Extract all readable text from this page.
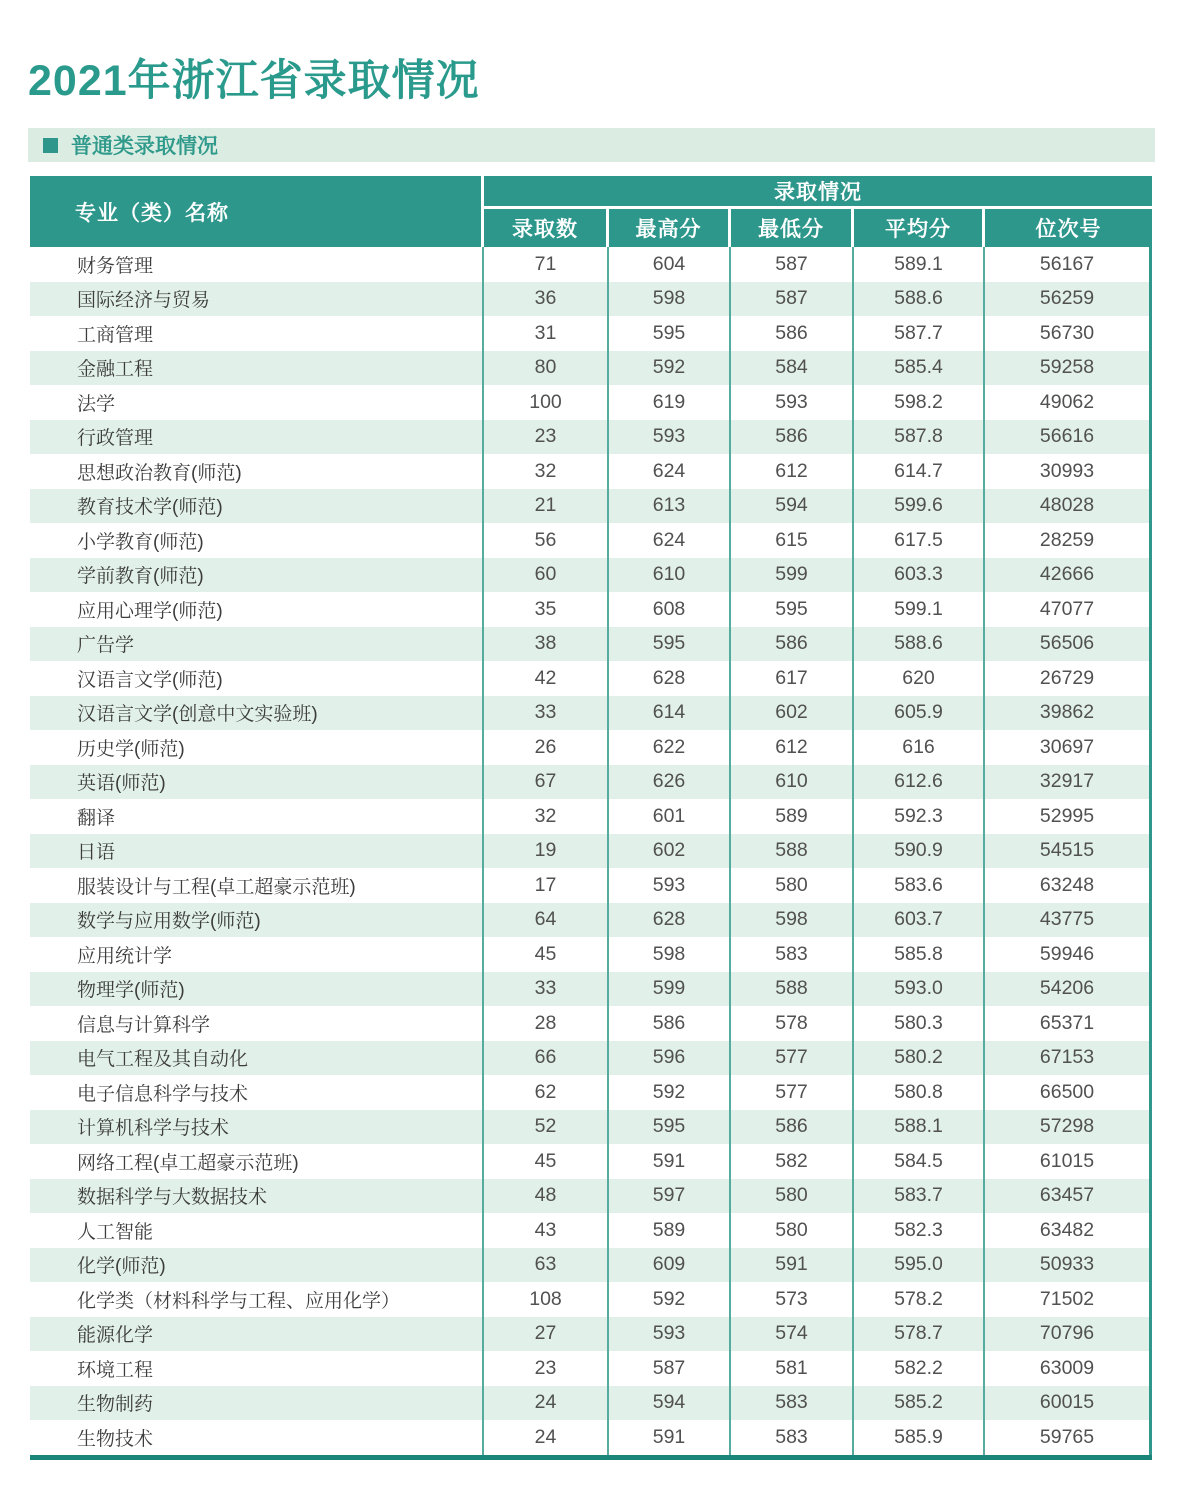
2021年浙江省录取情况
普通类录取情况
专业（类）名称	录取情况				
	录取数	最高分	最低分	平均分	位次号
财务管理	71	604	587	589.1	56167
国际经济与贸易	36	598	587	588.6	56259
工商管理	31	595	586	587.7	56730
金融工程	80	592	584	585.4	59258
法学	100	619	593	598.2	49062
行政管理	23	593	586	587.8	56616
思想政治教育(师范)	32	624	612	614.7	30993
教育技术学(师范)	21	613	594	599.6	48028
小学教育(师范)	56	624	615	617.5	28259
学前教育(师范)	60	610	599	603.3	42666
应用心理学(师范)	35	608	595	599.1	47077
广告学	38	595	586	588.6	56506
汉语言文学(师范)	42	628	617	620	26729
汉语言文学(创意中文实验班)	33	614	602	605.9	39862
历史学(师范)	26	622	612	616	30697
英语(师范)	67	626	610	612.6	32917
翻译	32	601	589	592.3	52995
日语	19	602	588	590.9	54515
服装设计与工程(卓工超豪示范班)	17	593	580	583.6	63248
数学与应用数学(师范)	64	628	598	603.7	43775
应用统计学	45	598	583	585.8	59946
物理学(师范)	33	599	588	593.0	54206
信息与计算科学	28	586	578	580.3	65371
电气工程及其自动化	66	596	577	580.2	67153
电子信息科学与技术	62	592	577	580.8	66500
计算机科学与技术	52	595	586	588.1	57298
网络工程(卓工超豪示范班)	45	591	582	584.5	61015
数据科学与大数据技术	48	597	580	583.7	63457
人工智能	43	589	580	582.3	63482
化学(师范)	63	609	591	595.0	50933
化学类（材料科学与工程、应用化学）	108	592	573	578.2	71502
能源化学	27	593	574	578.7	70796
环境工程	23	587	581	582.2	63009
生物制药	24	594	583	585.2	60015
生物技术	24	591	583	585.9	59765
